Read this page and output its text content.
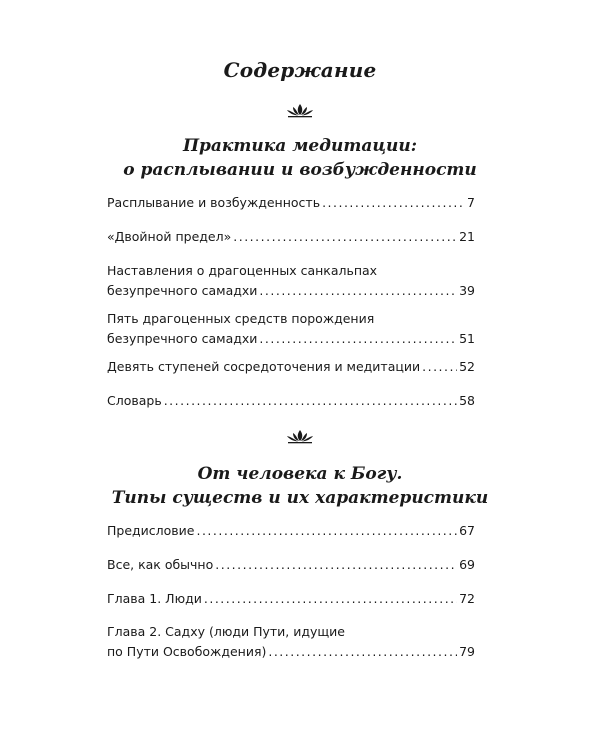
Содержание
Практика медитации:
о расплывании и возбужденности
Расплывание и возбужденность .....	7
«Двойной предел» .....	21
Наставления о драгоценных санкальпах
безупречного самадхи .....	39
Пять драгоценных средств порождения
безупречного самадхи .....	51
Девять ступеней сосредоточения и медитации .....	52
Словарь .....	58
От человека к Богу.
Типы существ и их характеристики
Предисловие .....	67
Все, как обычно .....	69
Глава 1. Люди .....	72
Глава 2. Садху (люди Пути, идущие
по Пути Освобождения) .....	79
